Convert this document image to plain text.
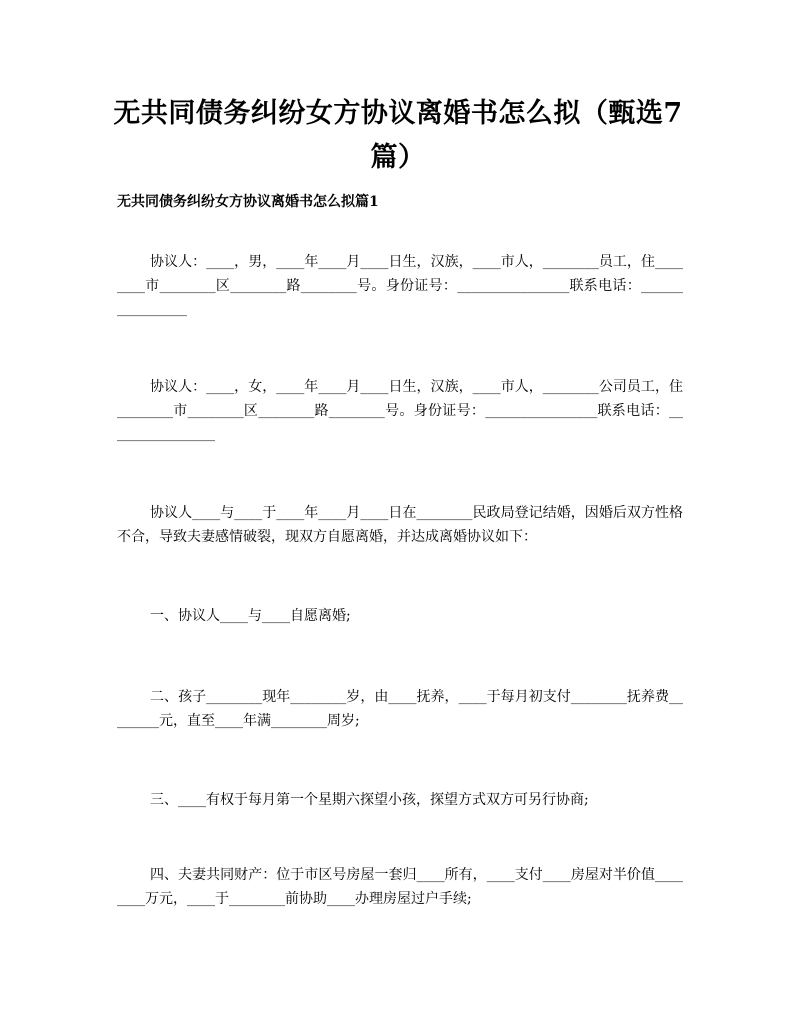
无共同债务纠纷女方协议离婚书怎么拟（甄选7篇）
无共同债务纠纷女方协议离婚书怎么拟篇1

协议人：____，男，____年____月____日生，汉族，____市人，________员工，住________市________区________路________号。身份证号：________________联系电话：________________

协议人：____，女，____年____月____日生，汉族，____市人，________公司员工，住________市________区________路________号。身份证号：________________联系电话：________________

协议人____与____于____年____月____日在________民政局登记结婚，因婚后双方性格不合，导致夫妻感情破裂，现双方自愿离婚，并达成离婚协议如下：

一、协议人____与____自愿离婚;

二、孩子________现年________岁，由____抚养，____于每月初支付________抚养费________元，直至____年满________周岁;

三、____有权于每月第一个星期六探望小孩，探望方式双方可另行协商;

四、夫妻共同财产：位于市区号房屋一套归____所有，____支付____房屋对半价值________万元，____于________前协助____办理房屋过户手续;
